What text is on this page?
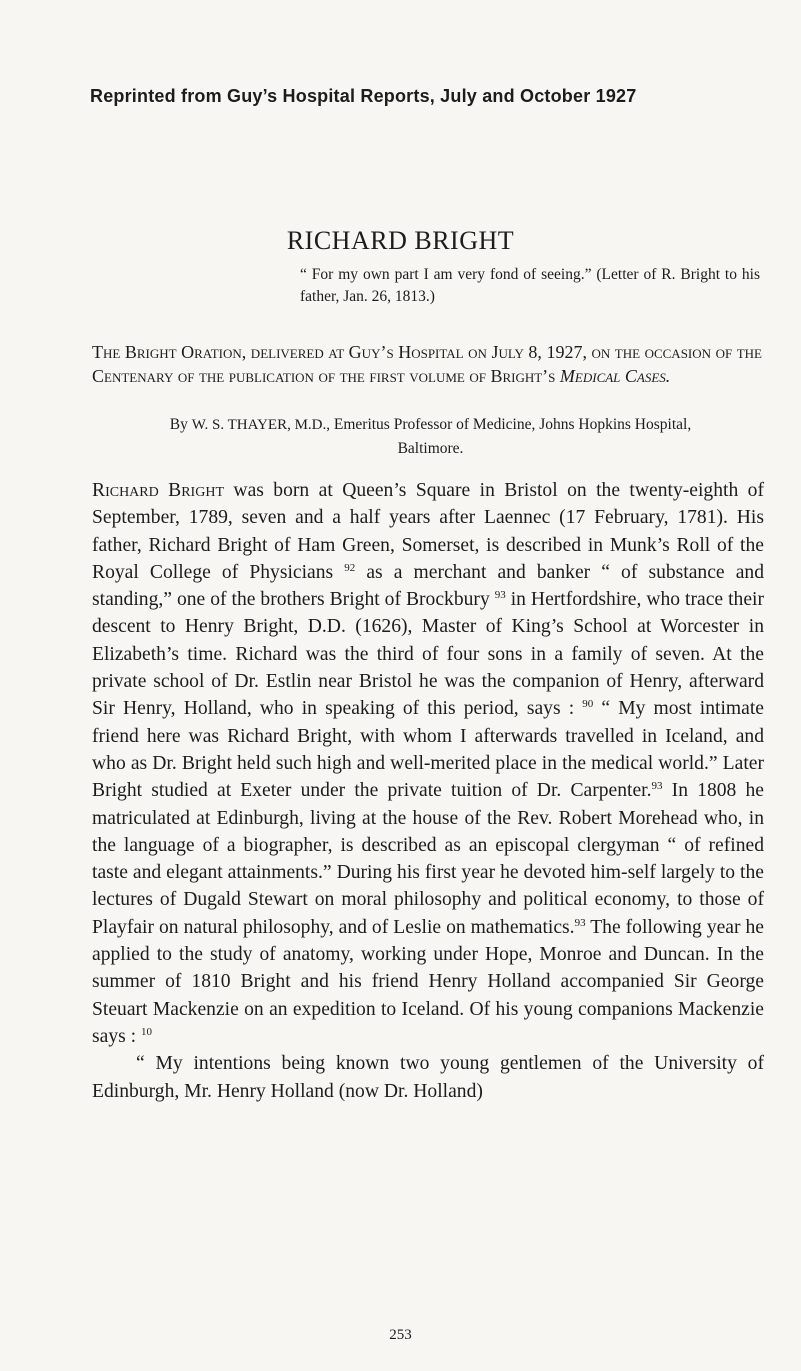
Reprinted from Guy’s Hospital Reports, July and October 1927
RICHARD BRIGHT
“ For my own part I am very fond of seeing.” (Letter of R. Bright to his father, Jan. 26, 1813.)
The Bright Oration, delivered at Guy’s Hospital on July 8, 1927, on the occasion of the Centenary of the publication of the first volume of Bright’s Medical Cases.
By W. S. THAYER, M.D., Emeritus Professor of Medicine, Johns Hopkins Hospital, Baltimore.

Richard Bright was born at Queen’s Square in Bristol on the twenty-eighth of September, 1789, seven and a half years after Laennec (17 February, 1781). His father, Richard Bright of Ham Green, Somerset, is described in Munk’s Roll of the Royal College of Physicians $^{92}$ as a merchant and banker “ of substance and standing,” one of the brothers Bright of Brockbury $^{93}$ in Hertfordshire, who trace their descent to Henry Bright, D.D. (1626), Master of King’s School at Worcester in Elizabeth’s time. Richard was the third of four sons in a family of seven. At the private school of Dr. Estlin near Bristol he was the companion of Henry, afterward Sir Henry, Holland, who in speaking of this period, says : $^{90}$ “ My most intimate friend here was Richard Bright, with whom I afterwards travelled in Iceland, and who as Dr. Bright held such high and well-merited place in the medical world.” Later Bright studied at Exeter under the private tuition of Dr. Carpenter.$^{93}$ In 1808 he matriculated at Edinburgh, living at the house of the Rev. Robert Morehead who, in the language of a biographer, is described as an episcopal clergyman “ of refined taste and elegant attainments.” During his first year he devoted him-self largely to the lectures of Dugald Stewart on moral philosophy and political economy, to those of Playfair on natural philosophy, and of Leslie on mathematics.$^{93}$ The following year he applied to the study of anatomy, working under Hope, Monroe and Duncan. In the summer of 1810 Bright and his friend Henry Holland accompanied Sir George Steuart Mackenzie on an expedition to Iceland. Of his young companions Mackenzie says : $^{10}$

“ My intentions being known two young gentlemen of the University of Edinburgh, Mr. Henry Holland (now Dr. Holland)

253
